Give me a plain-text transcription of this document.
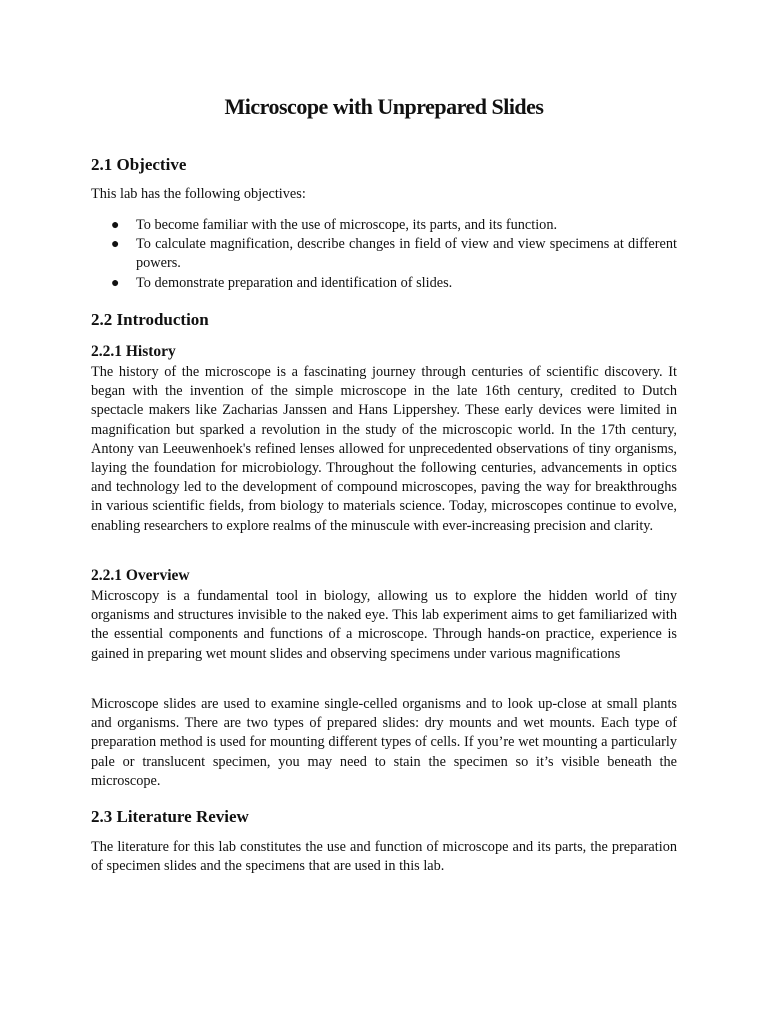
Microscope with Unprepared Slides
2.1 Objective

This lab has the following objectives:

● To become familiar with the use of microscope, its parts, and its function.
● To calculate magnification, describe changes in field of view and view specimens at different powers.
● To demonstrate preparation and identification of slides.
2.2 Introduction
2.2.1 History

The history of the microscope is a fascinating journey through centuries of scientific discovery. It began with the invention of the simple microscope in the late 16th century, credited to Dutch spectacle makers like Zacharias Janssen and Hans Lippershey. These early devices were limited in magnification but sparked a revolution in the study of the microscopic world. In the 17th century, Antony van Leeuwenhoek's refined lenses allowed for unprecedented observations of tiny organisms, laying the foundation for microbiology. Throughout the following centuries, advancements in optics and technology led to the development of compound microscopes, paving the way for breakthroughs in various scientific fields, from biology to materials science. Today, microscopes continue to evolve, enabling researchers to explore realms of the minuscule with ever-increasing precision and clarity.

2.2.1 Overview

Microscopy is a fundamental tool in biology, allowing us to explore the hidden world of tiny organisms and structures invisible to the naked eye. This lab experiment aims to get familiarized with the essential components and functions of a microscope. Through hands-on practice, experience is gained in preparing wet mount slides and observing specimens under various magnifications

Microscope slides are used to examine single-celled organisms and to look up-close at small plants and organisms. There are two types of prepared slides: dry mounts and wet mounts. Each type of preparation method is used for mounting different types of cells. If you’re wet mounting a particularly pale or translucent specimen, you may need to stain the specimen so it’s visible beneath the microscope.

2.3 Literature Review

The literature for this lab constitutes the use and function of microscope and its parts, the preparation of specimen slides and the specimens that are used in this lab.
